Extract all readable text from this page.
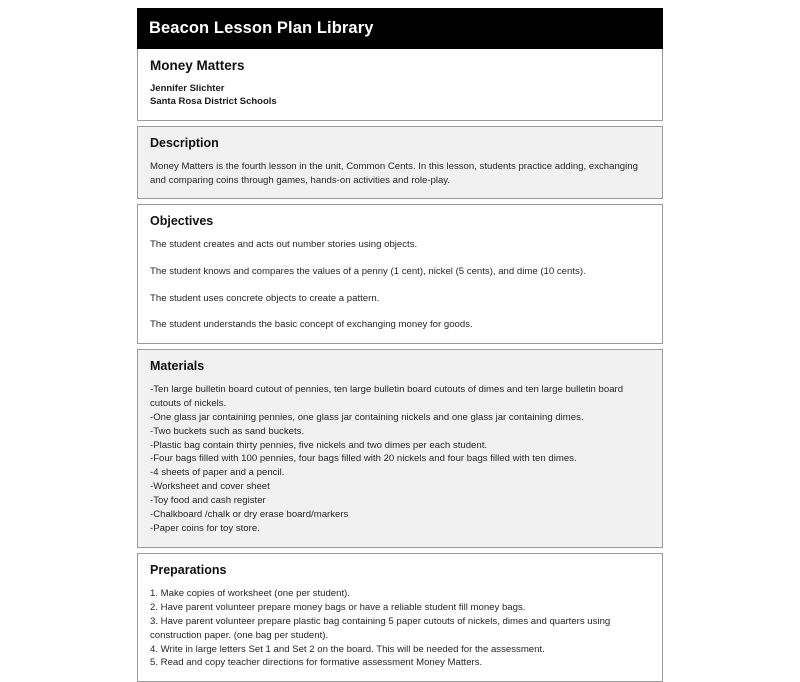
Beacon Lesson Plan Library
Money Matters
Jennifer Slichter
Santa Rosa District Schools
Description

Money Matters is the fourth lesson in the unit, Common Cents. In this lesson, students practice adding, exchanging and comparing coins through games, hands-on activities and role-play.

Objectives

The student creates and acts out number stories using objects.

The student knows and compares the values of a penny (1 cent), nickel (5 cents), and dime (10 cents).

The student uses concrete objects to create a pattern.

The student understands the basic concept of exchanging money for goods.

Materials

-Ten large bulletin board cutout of pennies, ten large bulletin board cutouts of dimes and ten large bulletin board cutouts of nickels.

-One glass jar containing pennies, one glass jar containing nickels and one glass jar containing dimes.

-Two buckets such as sand buckets.

-Plastic bag contain thirty pennies, five nickels and two dimes per each student.

-Four bags filled with 100 pennies, four bags filled with 20 nickels and four bags filled with ten dimes.

-4 sheets of paper and a pencil.

-Worksheet and cover sheet

-Toy food and cash register

-Chalkboard /chalk or dry erase board/markers

-Paper coins for toy store.

Preparations

1. Make copies of worksheet (one per student).

2. Have parent volunteer prepare money bags or have a reliable student fill money bags.

3. Have parent volunteer prepare plastic bag containing 5 paper cutouts of nickels, dimes and quarters using construction paper. (one bag per student).

4. Write in large letters Set 1 and Set 2 on the board. This will be needed for the assessment.

5. Read and copy teacher directions for formative assessment Money Matters.
